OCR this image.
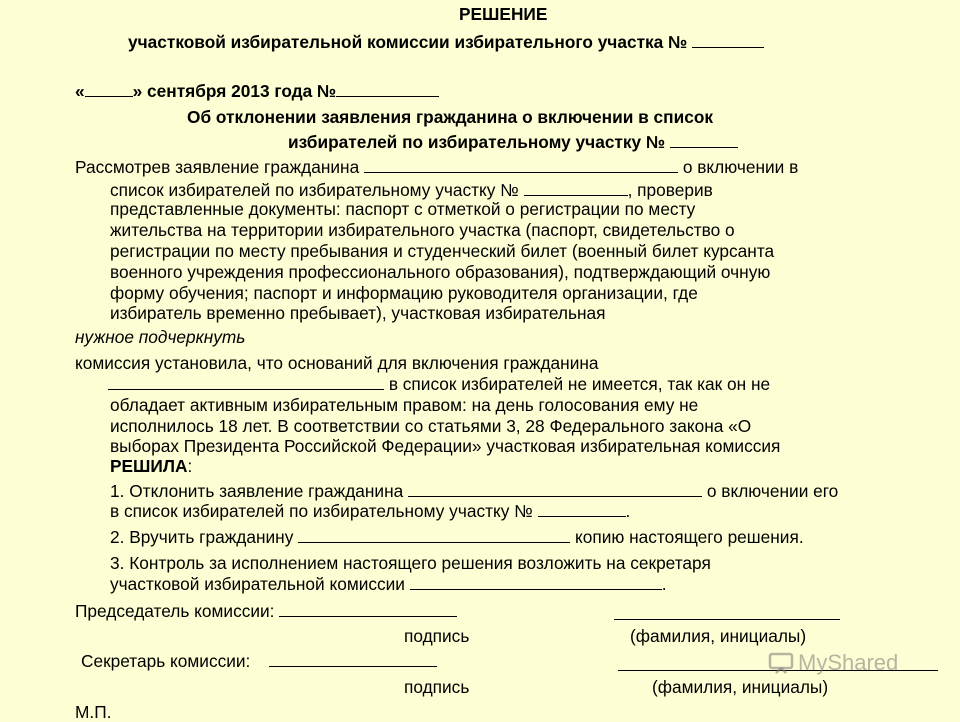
РЕШЕНИЕ
участковой избирательной комиссии избирательного участка №
«	» сентября 2013 года №
Об отклонении заявления гражданина о включении в список
избирателей по избирательному участку №
Рассмотрев заявление гражданина	о включении в
список избирателей по избирательному участку №	, проверив
представленные документы: паспорт с отметкой о регистрации по месту
жительства на территории избирательного участка (паспорт, свидетельство о
регистрации по месту пребывания и студенческий билет (военный билет курсанта
военного учреждения профессионального образования), подтверждающий очную
форму обучения; паспорт и информацию руководителя организации, где
избиратель временно пребывает), участковая избирательная
нужное подчеркнуть
комиссия установила, что оснований для включения гражданина
в список избирателей не имеется, так как он не
обладает активным избирательным правом: на день голосования ему не
исполнилось 18 лет. В соответствии со статьями 3, 28 Федерального закона «О
выборах Президента Российской Федерации» участковая избирательная комиссия
РЕШИЛА:
1. Отклонить заявление гражданина	о включении его
в список избирателей по избирательному участку №	.
2. Вручить гражданину	копию настоящего решения.
3. Контроль за исполнением настоящего решения возложить на секретаря
участковой избирательной комиссии	.
Председатель комиссии:
подпись	(фамилия, инициалы)
Секретарь комиссии:
подпись	(фамилия, инициалы)
М.П.
MyShared
